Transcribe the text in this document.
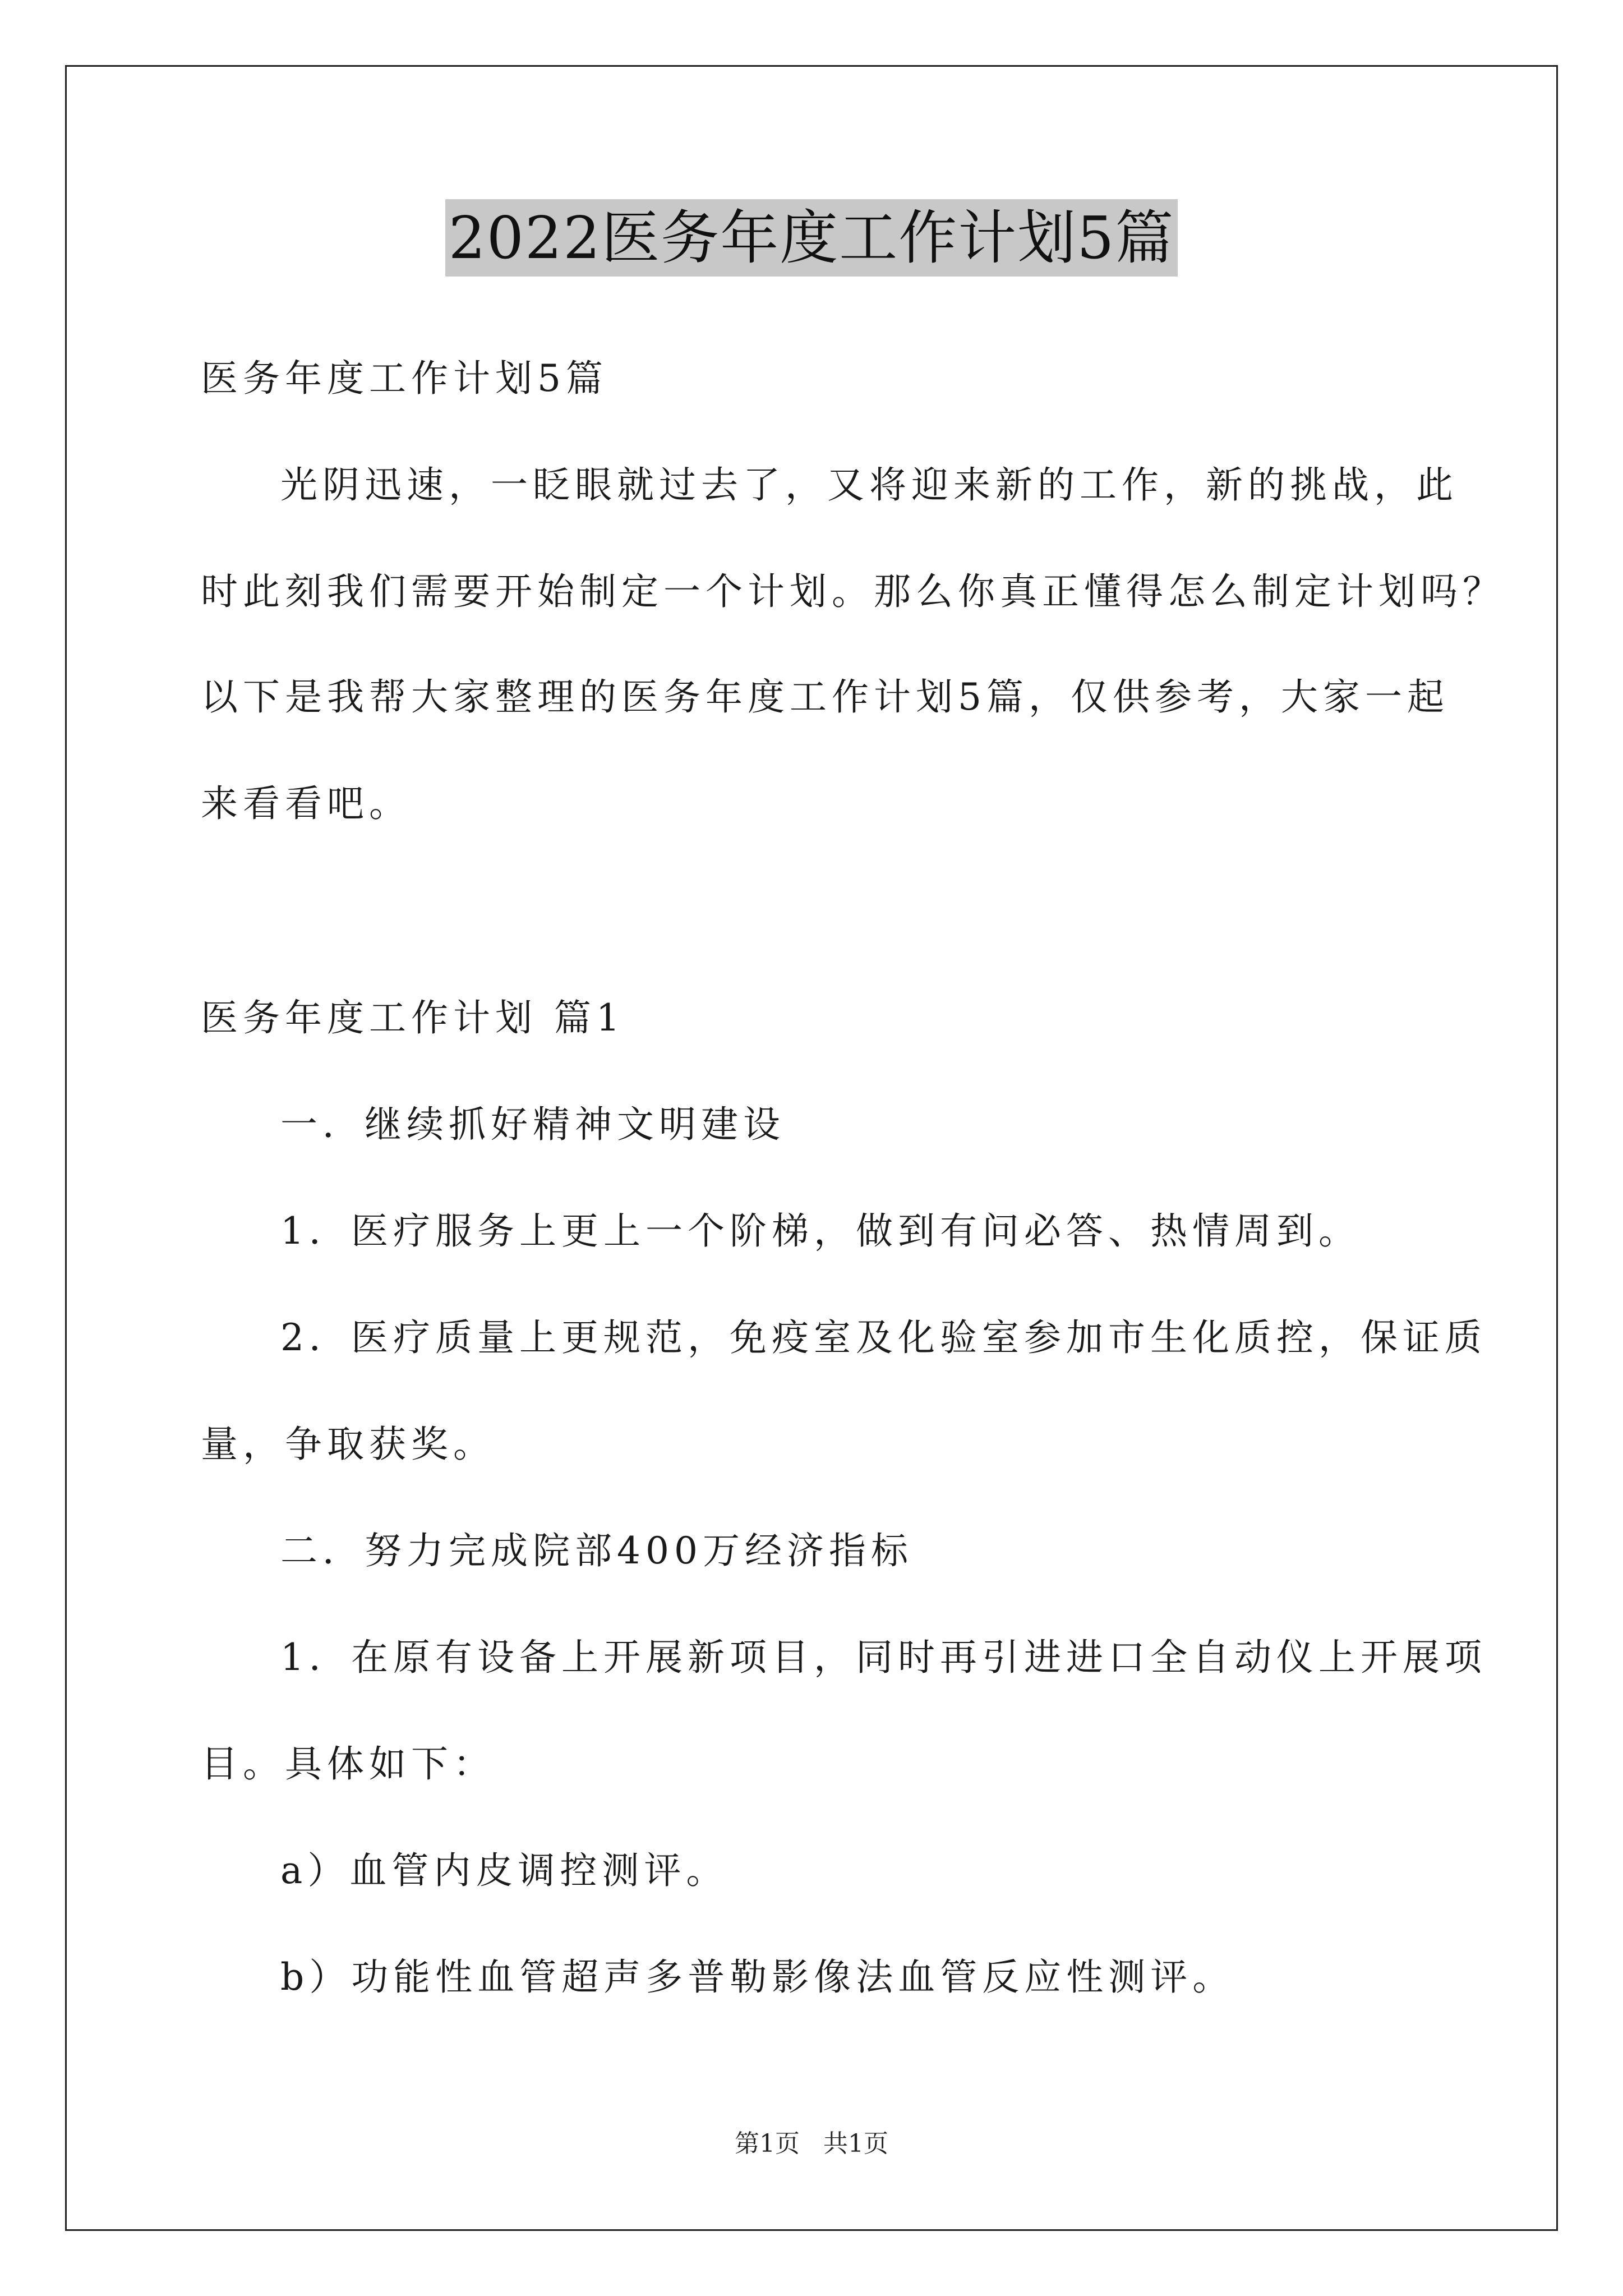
2022医务年度工作计划5篇
医务年度工作计划5篇
光阴迅速，一眨眼就过去了，又将迎来新的工作，新的挑战，此
时此刻我们需要开始制定一个计划。那么你真正懂得怎么制定计划吗？
以下是我帮大家整理的医务年度工作计划5篇，仅供参考，大家一起
来看看吧。
医务年度工作计划 篇1
一．继续抓好精神文明建设
1．医疗服务上更上一个阶梯，做到有问必答、热情周到。
2．医疗质量上更规范，免疫室及化验室参加市生化质控，保证质
量，争取获奖。
二．努力完成院部400万经济指标
1．在原有设备上开展新项目，同时再引进进口全自动仪上开展项
目。具体如下：
a）血管内皮调控测评。
b）功能性血管超声多普勒影像法血管反应性测评。
第1页 共1页
